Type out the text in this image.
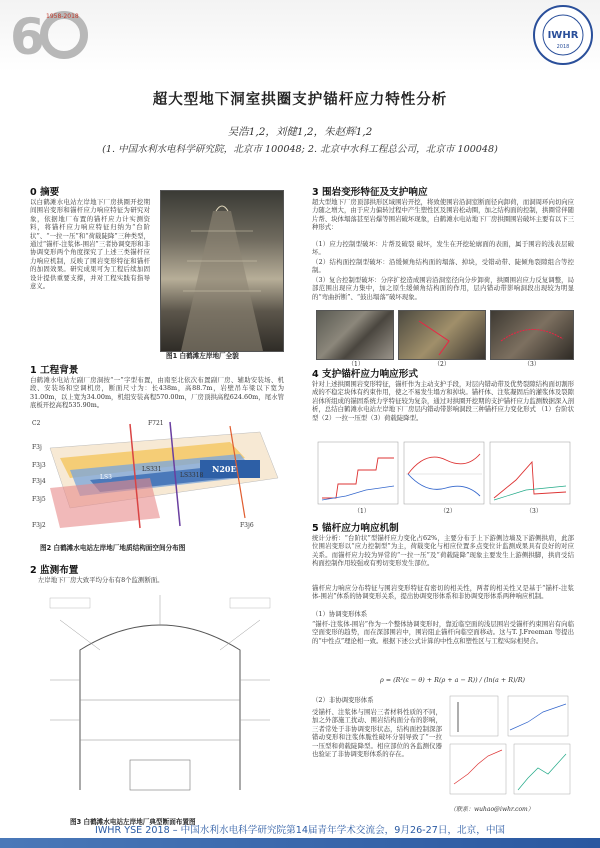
6 1958-2018
IWHR
2018
超大型地下洞室拱圈支护锚杆应力特性分析
吴浩1,2，刘健1,2，朱赵辉1,2
(1. 中国水利水电科学研究院，北京市 100048; 2. 北京中水科工程总公司，北京市 100048)
0 摘要
以白鹤滩水电站左岸地下厂房拱圈开挖期间围岩变形和锚杆应力响应特征为研究对象，依据地厂布置的锚杆应力计实测资料，将锚杆应力响应特征归纳为“台阶状”、“一拉一压”和“荷载陡降”三种类型，通过“锚杆-注浆体-围岩”三者协调变形和非协调变形两个角度探究了上述三类锚杆应力响应机制，反映了围岩变形特征和锚杆的加固效果。研究成果可为工程后续加固设计提供重要支撑，并对工程实践有指导意义。
图1 白鹤滩左岸地厂全貌
1 工程背景
白鹤滩水电站左副厂房洞按“一”字型布置，由南至北依次布置副厂房、辅助安装场、机段、安装场和空调机房，断面尺寸为：长438m，高88.7m，岩壁吊车梁以下宽为31.00m，以上宽为34.00m，机组安装高程570.00m，厂房顶拱高程624.60m，尾水管底板开挖高程535.90m。
C2
F3j
F3j3
F3j4
F3j5
F721
LS3	LS3318
LS331	N20E
F3j2	F3j6
图2 白鹤滩水电站左岸地厂地质结构面空间分布图
2 监测布置
左岸地下厂房大致平均分布有8个监测断面。
图3 白鹤滩水电站左岸地厂典型断面布置图
3 围岩变形特征及支护响应
超大型地下厂房顶部拱形区域围岩开挖，将致使围岩沿洞室断面径向卸荷，而洞周环向切向应力随之增大，由于应力偏转过程中产生塑性区及围岩松动圈，加之结构面的控制，拱圈常伴随片帮、块体塌落甚至岩爆等围岩破坏现象，白鹤滩水电站地下厂房拱圈围岩破坏主要有以下三种形式：
（1）应力控制型破坏：片帮及破裂 破坏，发生在开挖轮廓面的表面，属于围岩的浅表层破坏。
（2）结构面控制型破坏：沿缓倾角结构面的塌落、掉块，受错动带、陡倾角裂隙组合等控制。
（3）复合控制型破坏：分序扩挖造成围岩沿洞室径向分步卸荷，拱圈围岩应力反复调整，局部范围出现应力集中，加之原生缓倾角结构面的作用，层内错动带影响洞段出现较为明显的“弯曲折断”、“鼓出塌落”破坏现象。
（1）	（2）	（3）
4 支护锚杆应力响应形式
针对上述拱圈围岩变形特征，锚杆作为主动支护手段，对层内错动带及优势裂隙结构面切割形成的不稳定块体有约束作用，使之不易发生塌方和掉块。锚杆体、注浆凝固后的灌浆体及裂隙岩体所组成的锚固系统力学特征较为复杂，通过对拱圈开挖期的支护锚杆应力监测数据深入剖析，总结白鹤滩水电站左岸地下厂房层内错动带影响洞段三种锚杆应力变化形式 （1）台阶状型（2）一拉一压型（3）荷载陡降型。
（1）	（2）	（3）
5 锚杆应力响应机制
统计分析：“台阶状”型锚杆应力变化占62%，主要分布于上下游侧边墙及下游侧拱肩，此部位围岩变形以“应力控制型”为主，荷载变化与相应位置多点变位计监测成果具有良好的对应关系。而锚杆应力较为异常的“一拉一压”及“荷载陡降”现象主要发生上游侧拱脚，拱肩受结构面控制作用较强或有剪切变形发生部位。
锚杆应力响应分布特征与围岩变形特征有密切的相关性，两者的相关性又是基于“锚杆-注浆体-围岩”体系的协调变形关系，提出协调变形体系和非协调变形体系两种响应机制。
（1）协调变形体系
“锚杆-注浆体-围岩”作为一个整体协调变形时，靠近临空面的浅层围岩受锚杆约束围岩有向临空面变形的趋势，而在深部围岩中，围岩阻止锚杆向临空面移动。这与T. J.Freeman 等提出的“中性点”理论相一致。根据下述公式计算的中性点和塑性区与工程实际相契合。
ρ = (R²(ε − θ) + R(ρ + a − R)) / (ln(a + R)/R)
（2）非协调变形体系
受锚杆、注浆体与围岩三者材料性质的不同，加之外部施工扰动、围岩结构面分布的影响，三者常处于非协调变形状态，结构面控制深部错动变形和注浆体脆性破坏分别导致了“一拉一压型和荷载陡降型。相应部位的各监测仪器也验证了非协调变形体系的存在。
（联系：wuhao@iwhr.com）
IWHR YSE 2018 – 中国水利水电科学研究院第14届青年学术交流会，9月26-27日，北京，中国
